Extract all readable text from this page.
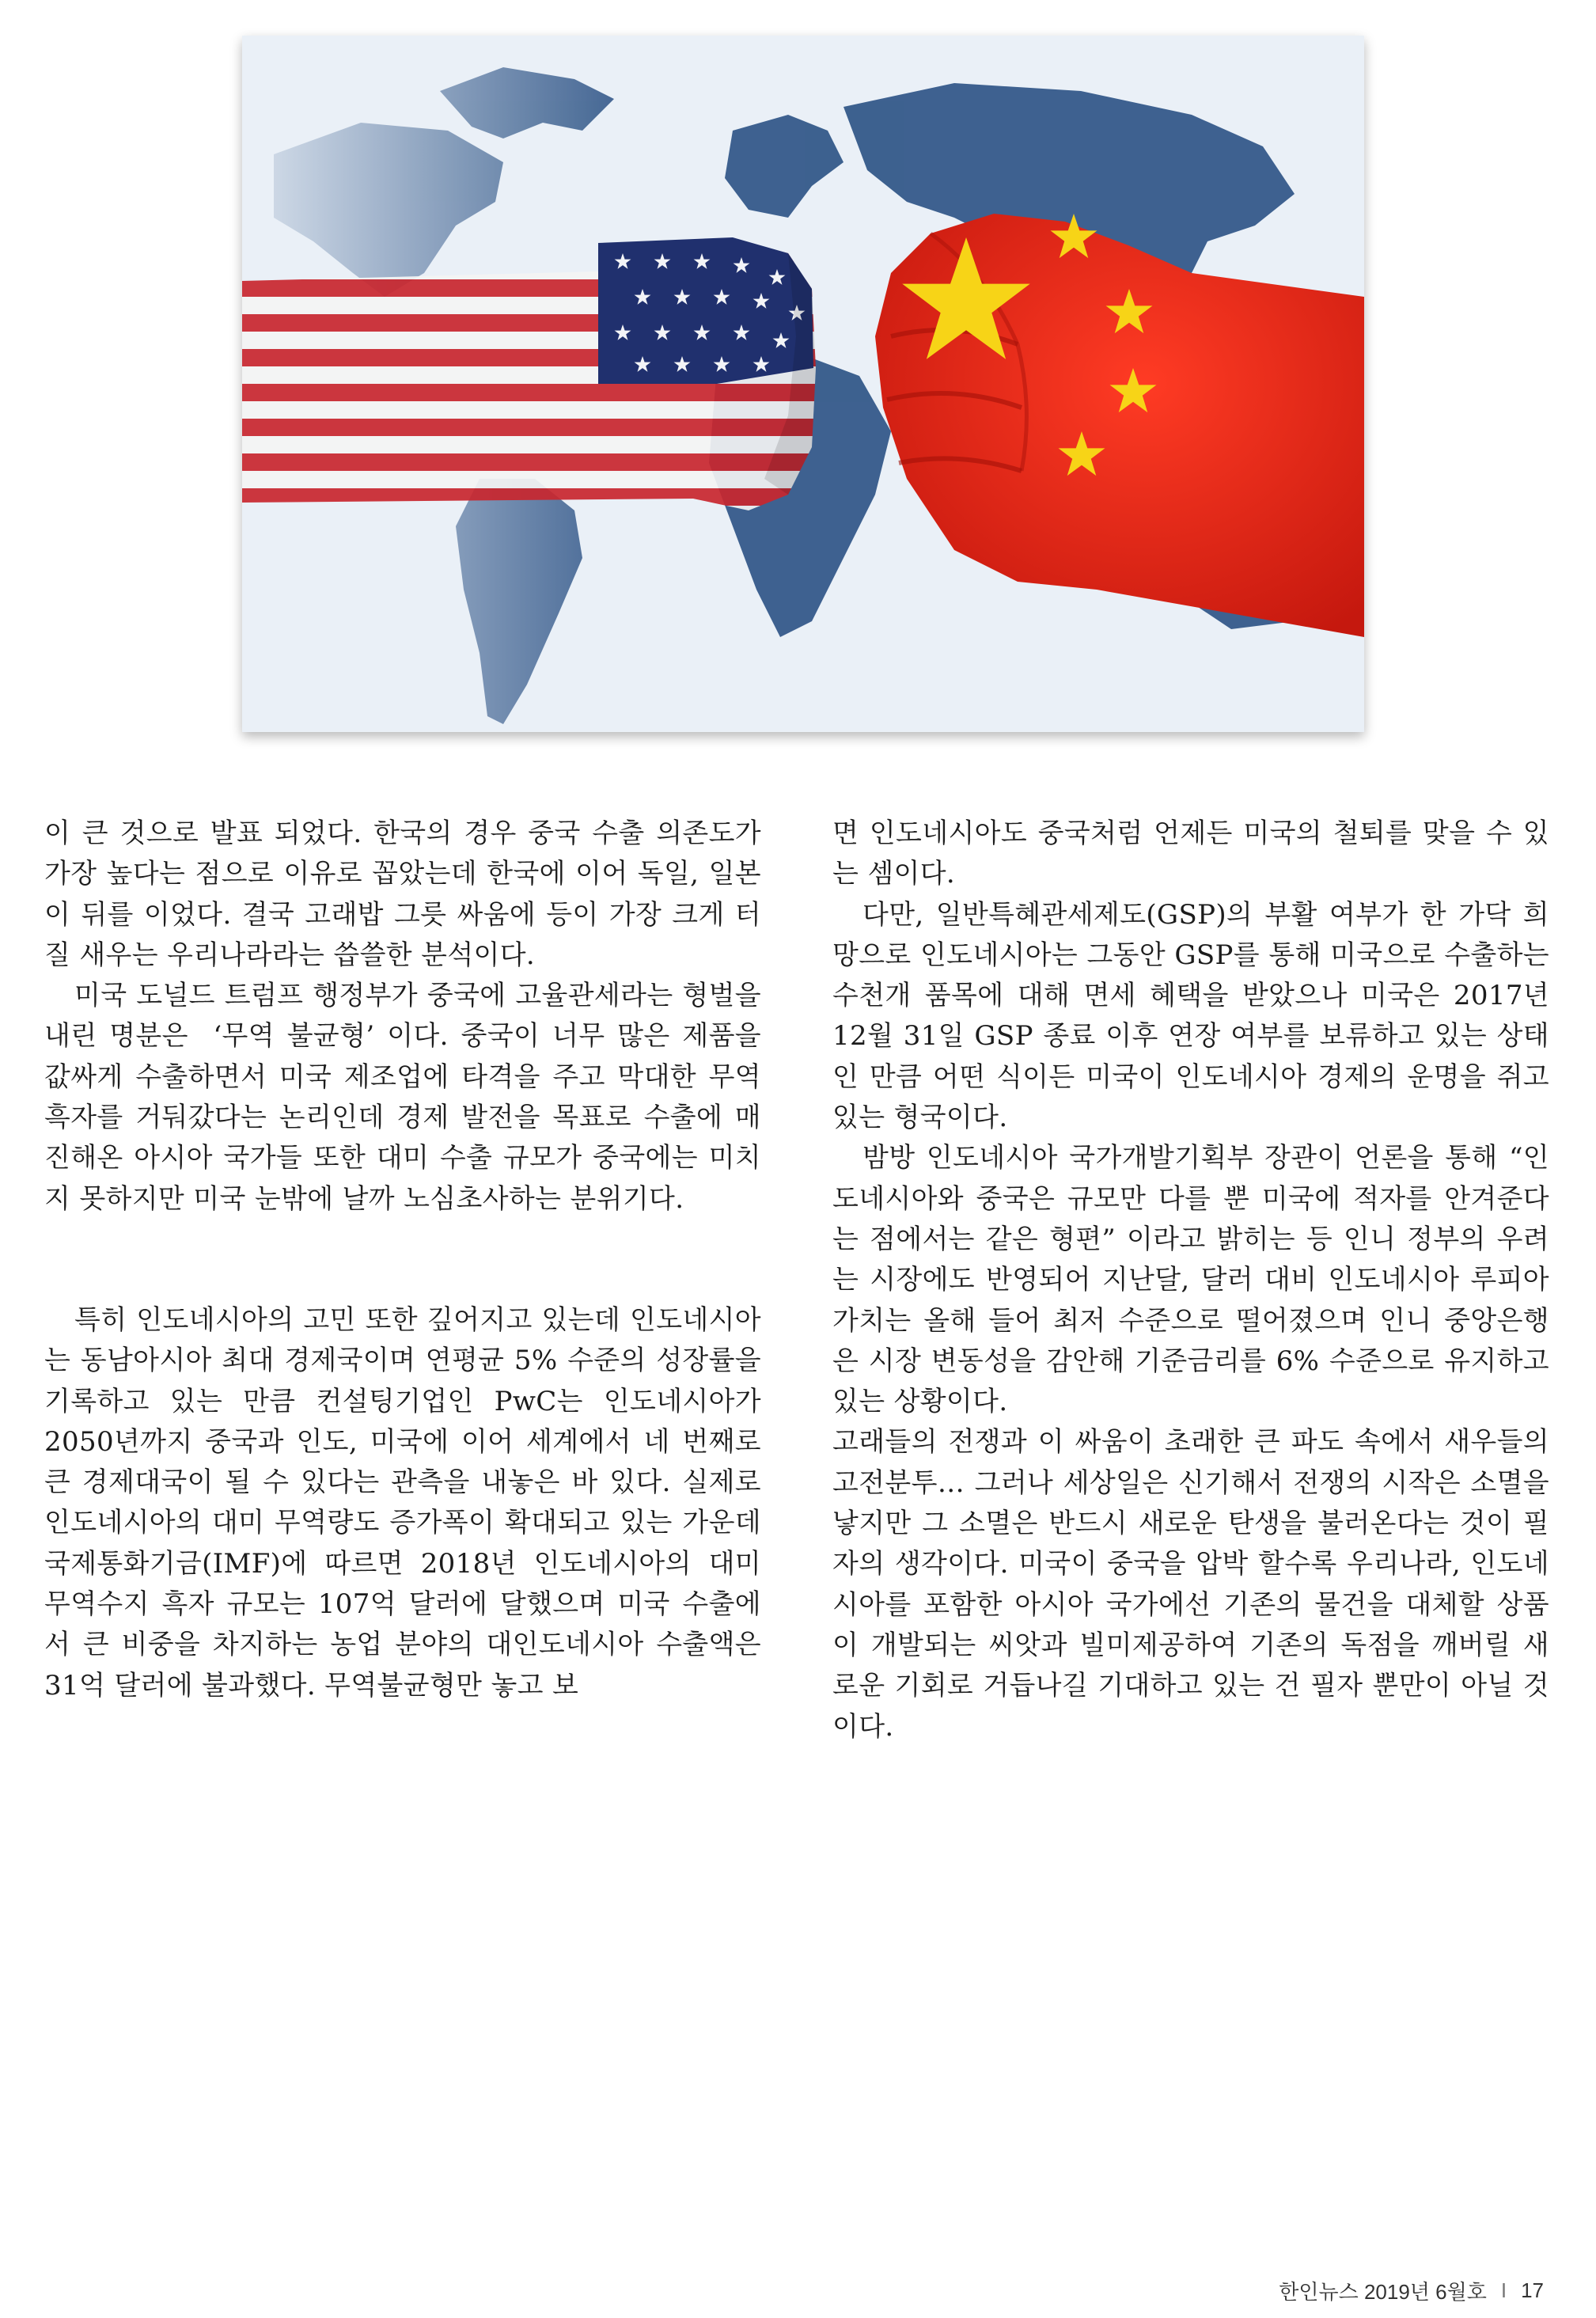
이 큰 것으로 발표 되었다. 한국의 경우 중국 수출 의존도가 가장 높다는 점으로 이유로 꼽았는데 한국에 이어 독일, 일본이 뒤를 이었다. 결국 고래밥 그릇 싸움에 등이 가장 크게 터질 새우는 우리나라라는 씁쓸한 분석이다.

미국 도널드 트럼프 행정부가 중국에 고율관세라는 형벌을 내린 명분은  ‘무역 불균형’ 이다. 중국이 너무 많은 제품을 값싸게 수출하면서 미국 제조업에 타격을 주고 막대한 무역흑자를 거둬갔다는 논리인데 경제 발전을 목표로 수출에 매진해온 아시아 국가들 또한 대미 수출 규모가 중국에는 미치지 못하지만 미국 눈밖에 날까 노심초사하는 분위기다.

특히 인도네시아의 고민 또한 깊어지고 있는데 인도네시아는 동남아시아 최대 경제국이며 연평균 5% 수준의 성장률을 기록하고 있는 만큼 컨설팅기업인 PwC는 인도네시아가 2050년까지 중국과 인도, 미국에 이어 세계에서 네 번째로 큰 경제대국이 될 수 있다는 관측을 내놓은 바 있다. 실제로 인도네시아의 대미 무역량도 증가폭이 확대되고 있는 가운데 국제통화기금(IMF)에 따르면 2018년 인도네시아의 대미 무역수지 흑자 규모는 107억 달러에 달했으며 미국 수출에서 큰 비중을 차지하는 농업 분야의 대인도네시아 수출액은 31억 달러에 불과했다. 무역불균형만 놓고 보

면 인도네시아도 중국처럼 언제든 미국의 철퇴를 맞을 수 있는 셈이다.

다만, 일반특혜관세제도(GSP)의 부활 여부가 한 가닥 희망으로 인도네시아는 그동안 GSP를 통해 미국으로 수출하는 수천개 품목에 대해 면세 혜택을 받았으나 미국은 2017년 12월 31일 GSP 종료 이후 연장 여부를 보류하고 있는 상태인 만큼 어떤 식이든 미국이 인도네시아 경제의 운명을 쥐고 있는 형국이다.

밤방 인도네시아 국가개발기획부 장관이 언론을 통해 “인도네시아와 중국은 규모만 다를 뿐 미국에 적자를 안겨준다는 점에서는 같은 형편” 이라고 밝히는 등 인니 정부의 우려는 시장에도 반영되어 지난달, 달러 대비 인도네시아 루피아 가치는 올해 들어 최저 수준으로 떨어졌으며 인니 중앙은행은 시장 변동성을 감안해 기준금리를 6% 수준으로 유지하고 있는 상황이다.

고래들의 전쟁과 이 싸움이 초래한 큰 파도 속에서 새우들의 고전분투… 그러나 세상일은 신기해서 전쟁의 시작은 소멸을 낳지만 그 소멸은 반드시 새로운 탄생을 불러온다는 것이 필자의 생각이다. 미국이 중국을 압박 할수록 우리나라, 인도네시아를 포함한 아시아 국가에선 기존의 물건을 대체할 상품이 개발되는 씨앗과 빌미제공하여 기존의 독점을 깨버릴 새로운 기회로 거듭나길 기대하고 있는 건 필자 뿐만이 아닐 것이다.

한인뉴스 2019년 6월호 I 17
